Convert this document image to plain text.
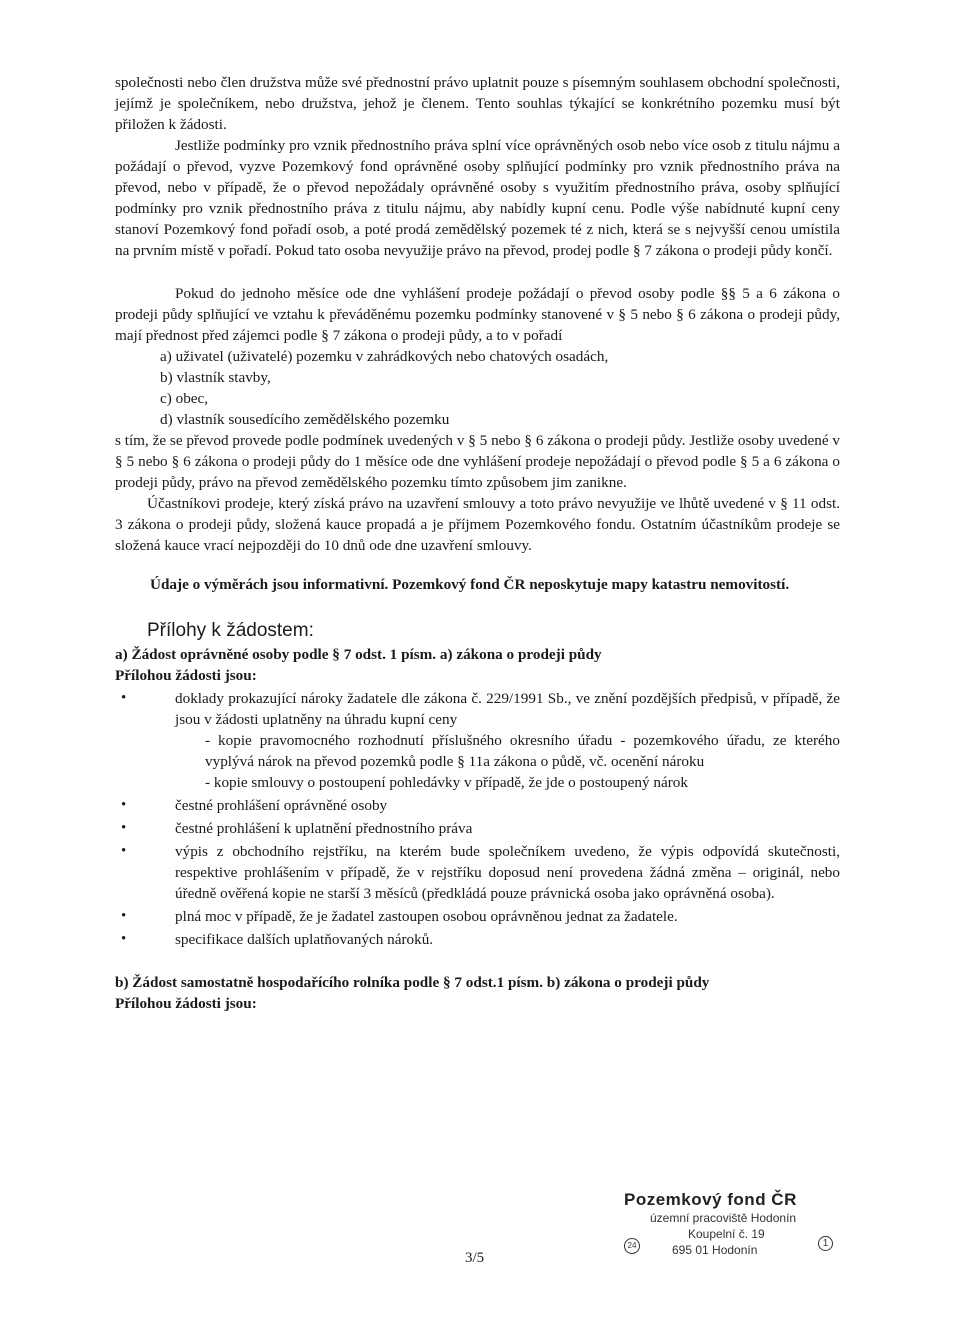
společnosti nebo člen družstva může své přednostní právo uplatnit pouze s písemným souhlasem obchodní společnosti, jejímž je společníkem, nebo družstva, jehož je členem. Tento souhlas týkající se konkrétního pozemku musí být přiložen k žádosti.

Jestliže podmínky pro vznik přednostního práva splní více oprávněných osob nebo více osob z titulu nájmu a požádají o převod, vyzve Pozemkový fond oprávněné osoby splňující podmínky pro vznik přednostního práva na převod, nebo v případě, že o převod nepožádaly oprávněné osoby s využitím přednostního práva, osoby splňující podmínky pro vznik přednostního práva z titulu nájmu, aby nabídly kupní cenu. Podle výše nabídnuté kupní ceny stanoví Pozemkový fond pořadí osob, a poté prodá zemědělský pozemek té z nich, která se s nejvyšší cenou umístila na prvním místě v pořadí. Pokud tato osoba nevyužije právo na převod, prodej podle § 7 zákona o prodeji půdy končí.

Pokud do jednoho měsíce ode dne vyhlášení prodeje požádají o převod osoby podle §§ 5 a 6 zákona o prodeji půdy splňující ve vztahu k převáděnému pozemku podmínky stanovené v § 5 nebo § 6 zákona o prodeji půdy, mají přednost před zájemci podle § 7 zákona o prodeji půdy, a to v pořadí

a) uživatel (uživatelé) pozemku v zahrádkových nebo chatových osadách,
b) vlastník stavby,
c) obec,
d) vlastník sousedícího zemědělského pozemku

s tím, že se převod provede podle podmínek uvedených v § 5 nebo § 6 zákona o prodeji půdy. Jestliže osoby uvedené v § 5 nebo § 6 zákona o prodeji půdy do 1 měsíce ode dne vyhlášení prodeje nepožádají o převod podle § 5 a 6 zákona o prodeji půdy, právo na převod zemědělského pozemku tímto způsobem jim zanikne.

Účastníkovi prodeje, který získá právo na uzavření smlouvy a toto právo nevyužije ve lhůtě uvedené v § 11 odst. 3 zákona o prodeji půdy, složená kauce propadá a je příjmem Pozemkového fondu. Ostatním účastníkům prodeje se složená kauce vrací nejpozději do 10 dnů ode dne uzavření smlouvy.

Údaje o výměrách jsou informativní. Pozemkový fond ČR neposkytuje mapy katastru nemovitostí.
Přílohy k žádostem:
a) Žádost oprávněné osoby podle § 7 odst. 1 písm. a) zákona o prodeji půdy
Přílohou žádosti jsou:
• doklady prokazující nároky žadatele dle zákona č. 229/1991 Sb., ve znění pozdějších předpisů, v případě, že jsou v žádosti uplatněny na úhradu kupní ceny
- kopie pravomocného rozhodnutí příslušného okresního úřadu - pozemkového úřadu, ze kterého vyplývá nárok na převod pozemků podle § 11a zákona o půdě, vč. ocenění nároku
- kopie smlouvy o postoupení pohledávky v případě, že jde o postoupený nárok
• čestné prohlášení oprávněné osoby
• čestné prohlášení k uplatnění přednostního práva
• výpis z obchodního rejstříku, na kterém bude společníkem uvedeno, že výpis odpovídá skutečnosti, respektive prohlášením v případě, že v rejstříku doposud není provedena žádná změna – originál, nebo úředně ověřená kopie ne starší 3 měsíců (předkládá pouze právnická osoba jako oprávněná osoba).
• plná moc v případě, že je žadatel zastoupen osobou oprávněnou jednat za žadatele.
• specifikace dalších uplatňovaných nároků.
b) Žádost samostatně hospodařícího rolníka podle § 7 odst.1 písm. b) zákona o prodeji půdy
Přílohou žádosti jsou:
Pozemkový fond ČR
územní pracoviště Hodonín
Koupelní č. 19
695 01 Hodonín
24	1
3/5
